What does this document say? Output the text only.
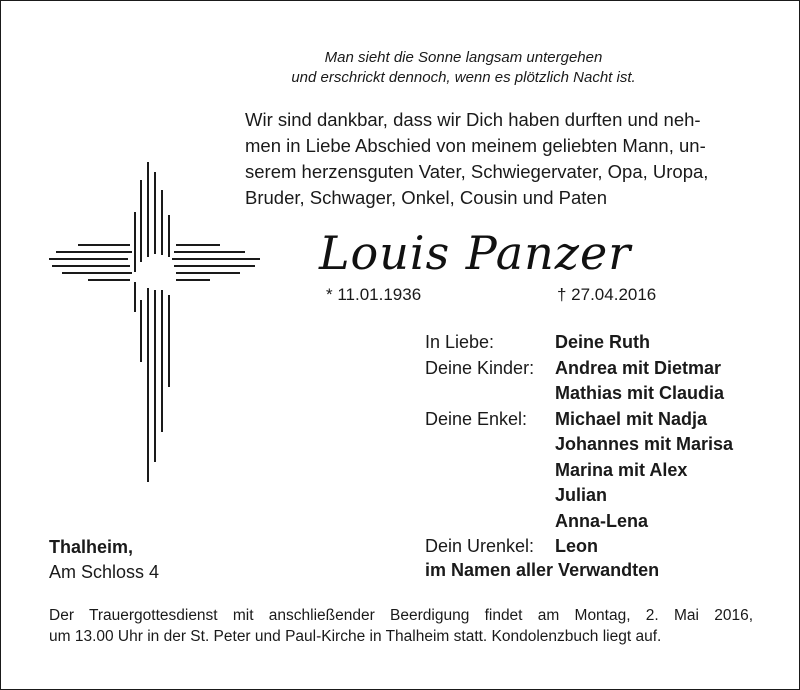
Man sieht die Sonne langsam untergehen
und erschrickt dennoch, wenn es plötzlich Nacht ist.
Wir sind dankbar, dass wir Dich haben durften und neh-
men in Liebe Abschied von meinem geliebten Mann, un-
serem herzensguten Vater, Schwiegervater, Opa, Uropa,
Bruder, Schwager, Onkel, Cousin und Paten
Louis Panzer
* 11.01.1936	† 27.04.2016
In Liebe:	Deine Ruth
Deine Kinder:	Andrea mit Dietmar
Mathias mit Claudia
Deine Enkel:	Michael mit Nadja
Johannes mit Marisa
Marina mit Alex
Julian
Anna-Lena
Dein Urenkel:	Leon
im Namen aller Verwandten
Thalheim,
Am Schloss 4
Der Trauergottesdienst mit anschließender Beerdigung findet am Montag, 2. Mai 2016,
um 13.00 Uhr in der St. Peter und Paul-Kirche in Thalheim statt. Kondolenzbuch liegt auf.
